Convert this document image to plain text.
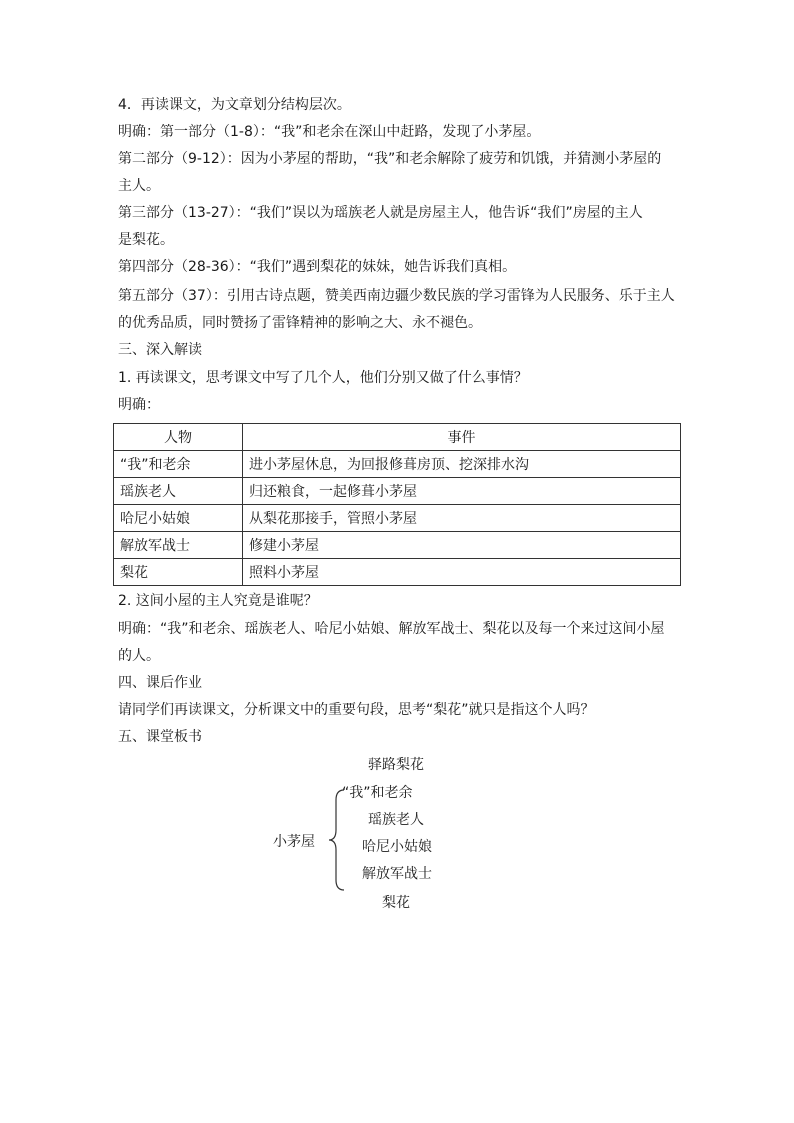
4．再读课文，为文章划分结构层次。
明确：第一部分（1-8）：“我”和老余在深山中赶路，发现了小茅屋。
第二部分（9-12）：因为小茅屋的帮助，“我”和老余解除了疲劳和饥饿，并猜测小茅屋的
主人。
第三部分（13-27）：“我们”误以为瑶族老人就是房屋主人，他告诉“我们”房屋的主人
是梨花。
第四部分（28-36）：“我们”遇到梨花的妹妹，她告诉我们真相。
第五部分（37）：引用古诗点题，赞美西南边疆少数民族的学习雷锋为人民服务、乐于主人
的优秀品质，同时赞扬了雷锋精神的影响之大、永不褪色。
三、深入解读
1. 再读课文，思考课文中写了几个人，他们分别又做了什么事情？
明确：
人物	事件
“我”和老余	进小茅屋休息，为回报修葺房顶、挖深排水沟
瑶族老人	归还粮食，一起修葺小茅屋
哈尼小姑娘	从梨花那接手，管照小茅屋
解放军战士	修建小茅屋
梨花	照料小茅屋
2. 这间小屋的主人究竟是谁呢？
明确：“我”和老余、瑶族老人、哈尼小姑娘、解放军战士、梨花以及每一个来过这间小屋
的人。
四、课后作业
请同学们再读课文，分析课文中的重要句段，思考“梨花”就只是指这个人吗？
五、课堂板书
驿路梨花
小茅屋
“我”和老余
瑶族老人
哈尼小姑娘
解放军战士
梨花
